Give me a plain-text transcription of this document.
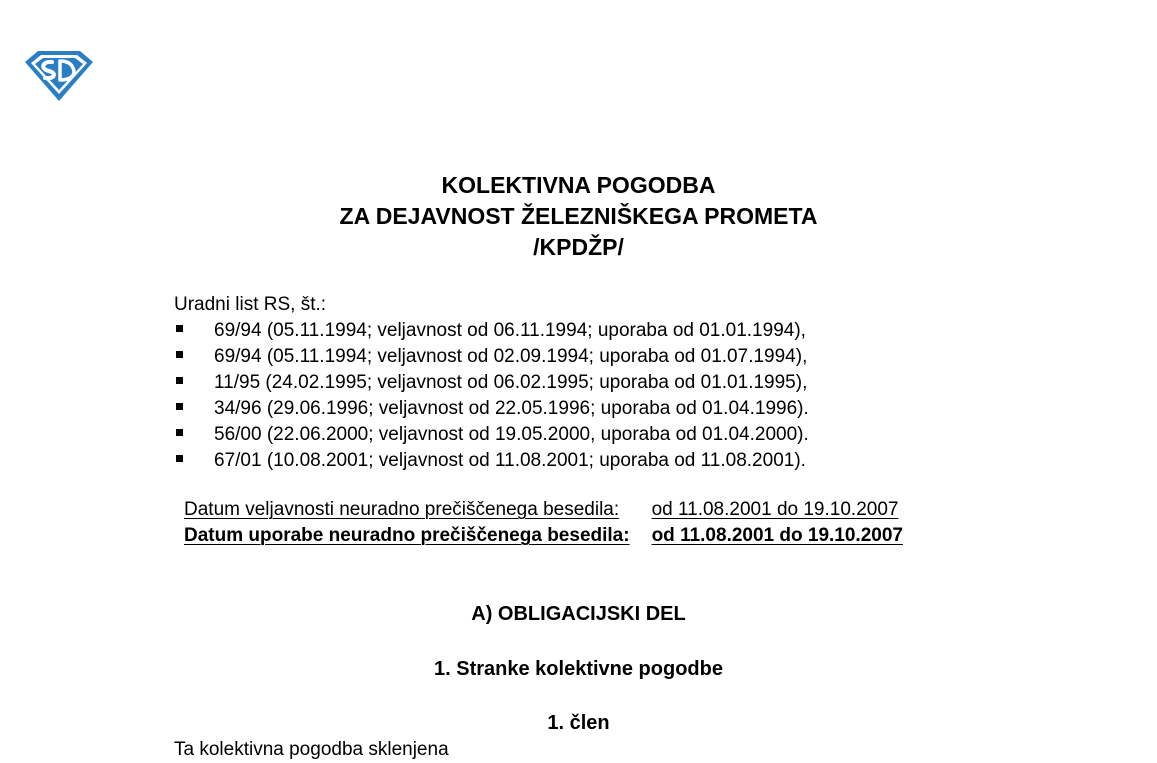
KOLEKTIVNA POGODBA
ZA DEJAVNOST ŽELEZNIŠKEGA PROMETA
/KPDŽP/
Uradni list RS, št.:
69/94 (05.11.1994; veljavnost od 06.11.1994; uporaba od 01.01.1994),
69/94 (05.11.1994; veljavnost od 02.09.1994; uporaba od 01.07.1994),
11/95 (24.02.1995; veljavnost od 06.02.1995; uporaba od 01.01.1995),
34/96 (29.06.1996; veljavnost od 22.05.1996; uporaba od 01.04.1996).
56/00 (22.06.2000; veljavnost od 19.05.2000, uporaba od 01.04.2000).
67/01 (10.08.2001; veljavnost od 11.08.2001; uporaba od 11.08.2001).
Datum veljavnosti neuradno prečiščenega besedila:	od 11.08.2001 do 19.10.2007
Datum uporabe neuradno prečiščenega besedila:	od 11.08.2001 do 19.10.2007
A) OBLIGACIJSKI DEL
1. Stranke kolektivne pogodbe
1. člen
Ta kolektivna pogodba sklenjena
